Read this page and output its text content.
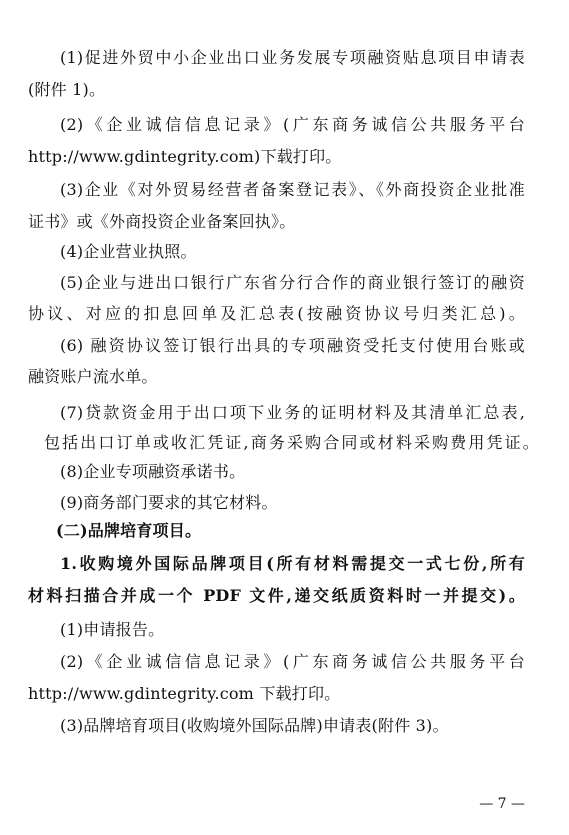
(1)促进外贸中小企业出口业务发展专项融资贴息项目申请表
(附件 1)。
(2)《企业诚信信息记录》(广东商务诚信公共服务平台
http://www.gdintegrity.com)下载打印。
(3)企业《对外贸易经营者备案登记表》、《外商投资企业批准
证书》或《外商投资企业备案回执》。
(4)企业营业执照。
(5)企业与进出口银行广东省分行合作的商业银行签订的融资
协议、对应的扣息回单及汇总表(按融资协议号归类汇总)。
(6) 融资协议签订银行出具的专项融资受托支付使用台账或
融资账户流水单。
(7)贷款资金用于出口项下业务的证明材料及其清单汇总表,
包括出口订单或收汇凭证,商务采购合同或材料采购费用凭证。
(8)企业专项融资承诺书。
(9)商务部门要求的其它材料。
(二)品牌培育项目。
1.收购境外国际品牌项目(所有材料需提交一式七份,所有
材料扫描合并成一个 PDF 文件,递交纸质资料时一并提交)。
(1)申请报告。
(2)《企业诚信信息记录》(广东商务诚信公共服务平台
http://www.gdintegrity.com 下载打印。
(3)品牌培育项目(收购境外国际品牌)申请表(附件 3)。
— 7 —
